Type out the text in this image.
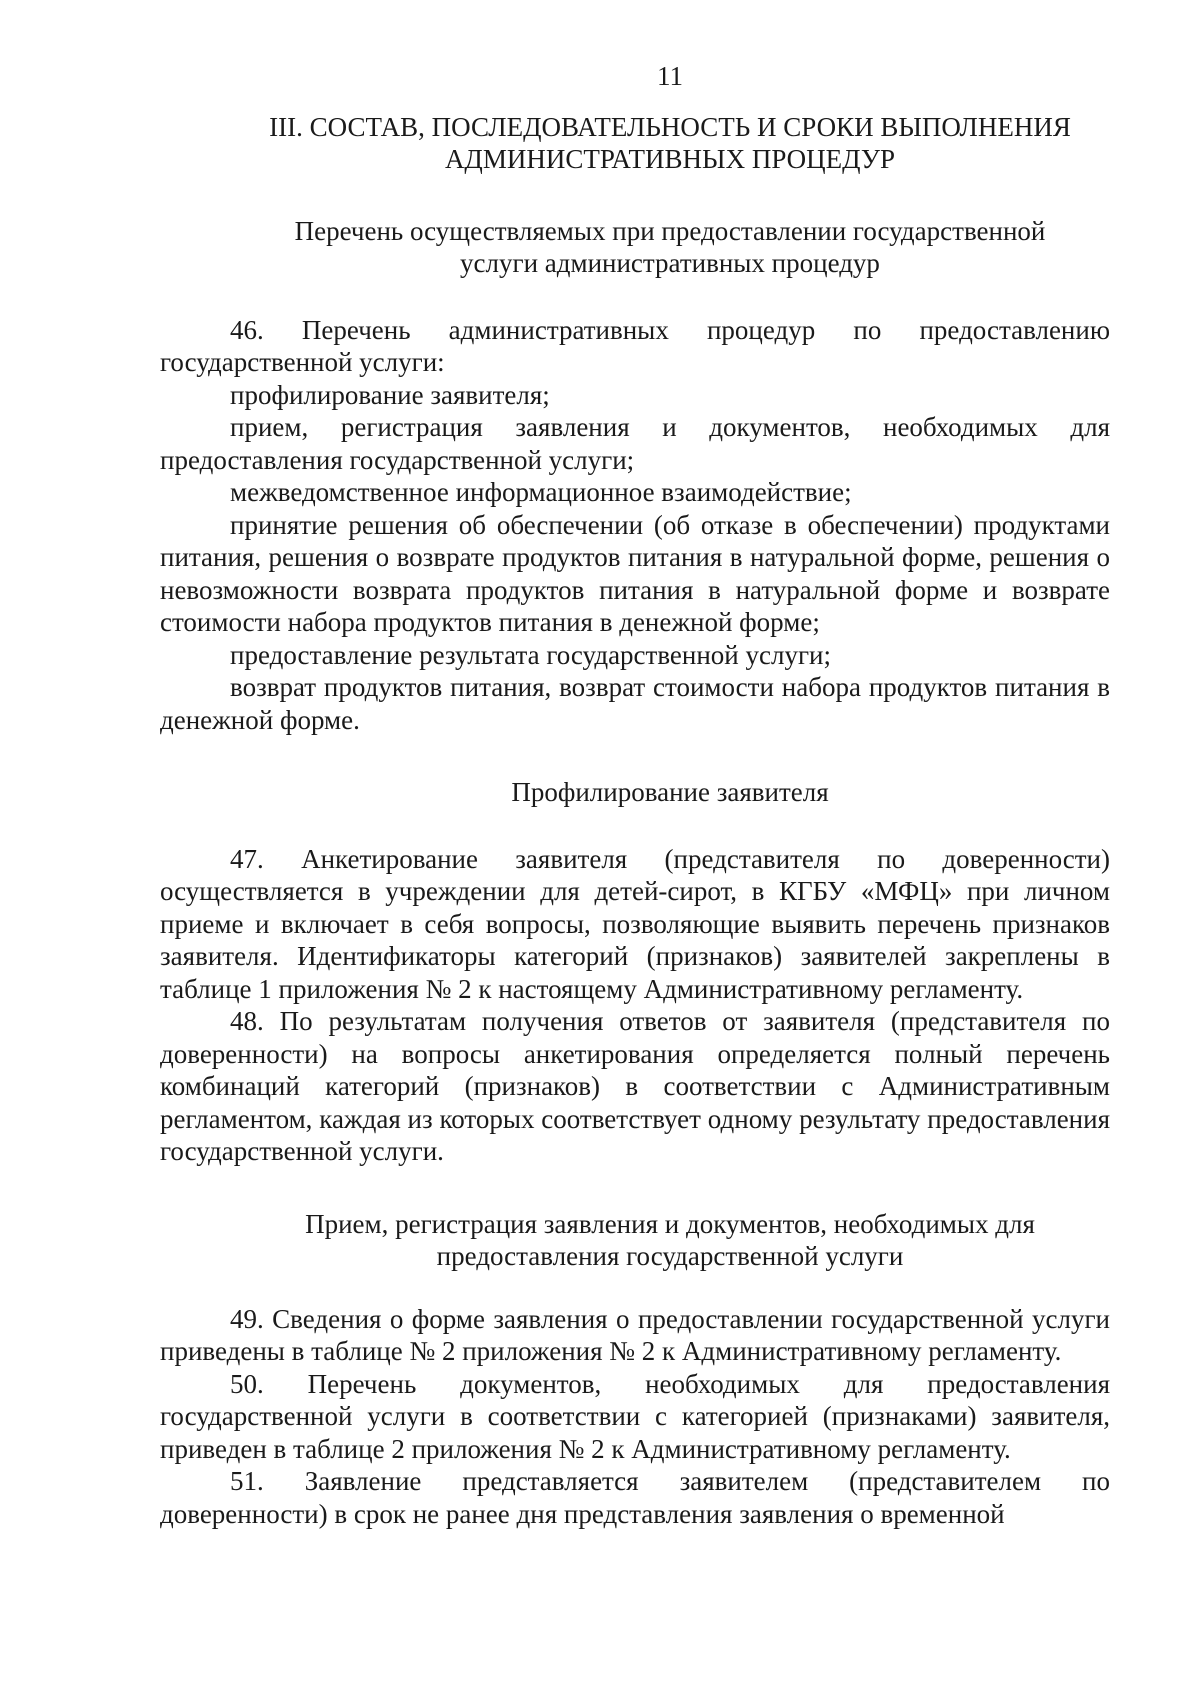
11
III. СОСТАВ, ПОСЛЕДОВАТЕЛЬНОСТЬ И СРОКИ ВЫПОЛНЕНИЯ
АДМИНИСТРАТИВНЫХ ПРОЦЕДУР
Перечень осуществляемых при предоставлении государственной
услуги административных процедур

46. Перечень административных процедур по предоставлению государственной услуги:

профилирование заявителя;

прием, регистрация заявления и документов, необходимых для предоставления государственной услуги;

межведомственное информационное взаимодействие;

принятие решения об обеспечении (об отказе в обеспечении) продуктами питания, решения о возврате продуктов питания в натуральной форме, решения о невозможности возврата продуктов питания в натуральной форме и возврате стоимости набора продуктов питания в денежной форме;

предоставление результата государственной услуги;

возврат продуктов питания, возврат стоимости набора продуктов питания в денежной форме.

Профилирование заявителя

47. Анкетирование заявителя (представителя по доверенности) осуществляется в учреждении для детей-сирот, в КГБУ «МФЦ» при личном приеме и включает в себя вопросы, позволяющие выявить перечень признаков заявителя. Идентификаторы категорий (признаков) заявителей закреплены в таблице 1 приложения № 2 к настоящему Административному регламенту.

48. По результатам получения ответов от заявителя (представителя по доверенности) на вопросы анкетирования определяется полный перечень комбинаций категорий (признаков) в соответствии с Административным регламентом, каждая из которых соответствует одному результату предоставления государственной услуги.

Прием, регистрация заявления и документов, необходимых для
предоставления государственной услуги

49. Сведения о форме заявления о предоставлении государственной услуги приведены в таблице № 2 приложения № 2 к Административному регламенту.

50. Перечень документов, необходимых для предоставления государственной услуги в соответствии с категорией (признаками) заявителя, приведен в таблице 2 приложения № 2 к Административному регламенту.

51. Заявление представляется заявителем (представителем по доверенности) в срок не ранее дня представления заявления о временной
